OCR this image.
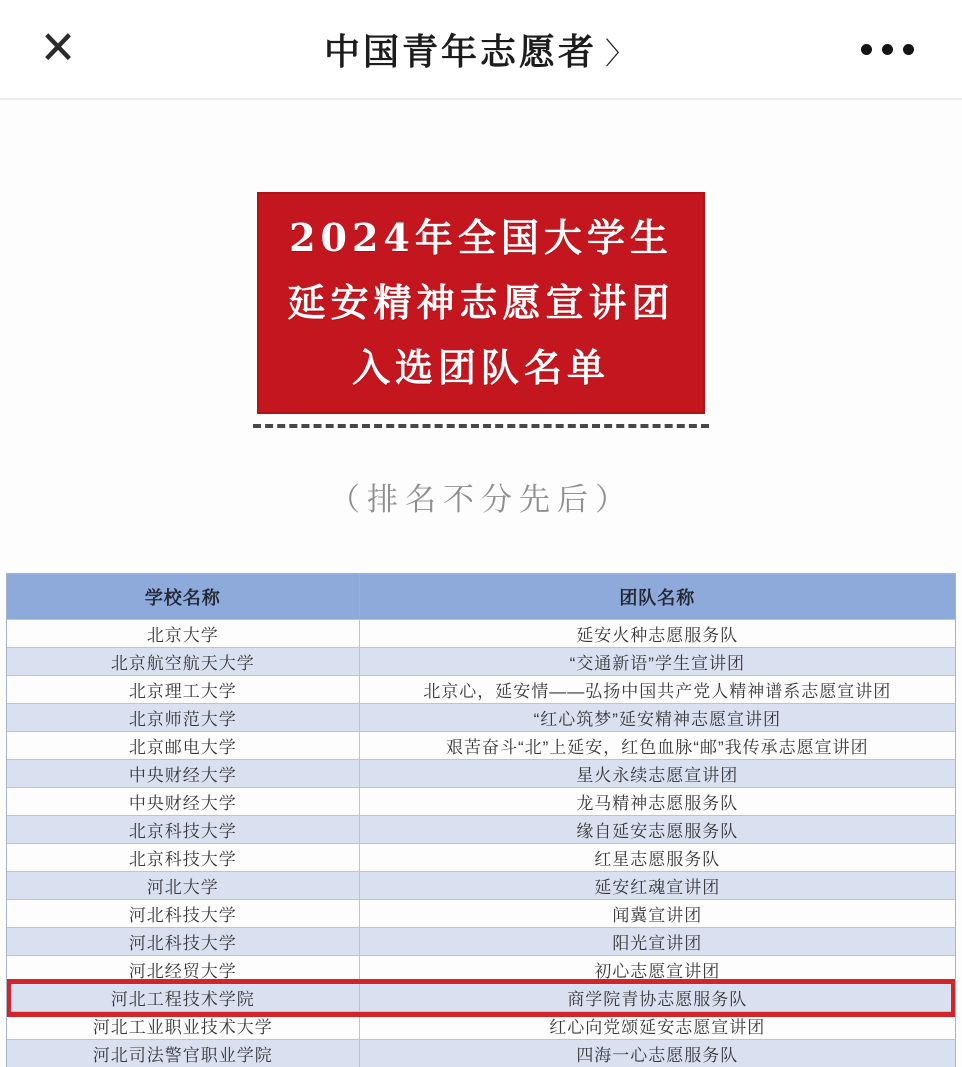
✕	中国青年志愿者 〉
2024年全国大学生
延安精神志愿宣讲团
入选团队名单
（排名不分先后）
学校名称	团队名称
北京大学	延安火种志愿服务队
北京航空航天大学	“交通新语”学生宣讲团
北京理工大学	北京心，延安情——弘扬中国共产党人精神谱系志愿宣讲团
北京师范大学	“红心筑梦”延安精神志愿宣讲团
北京邮电大学	艰苦奋斗“北”上延安，红色血脉“邮”我传承志愿宣讲团
中央财经大学	星火永续志愿宣讲团
中央财经大学	龙马精神志愿服务队
北京科技大学	缘自延安志愿服务队
北京科技大学	红星志愿服务队
河北大学	延安红魂宣讲团
河北科技大学	闻冀宣讲团
河北科技大学	阳光宣讲团
河北经贸大学	初心志愿宣讲团
河北工程技术学院	商学院青协志愿服务队
河北工业职业技术大学	红心向党颂延安志愿宣讲团
河北司法警官职业学院	四海一心志愿服务队
